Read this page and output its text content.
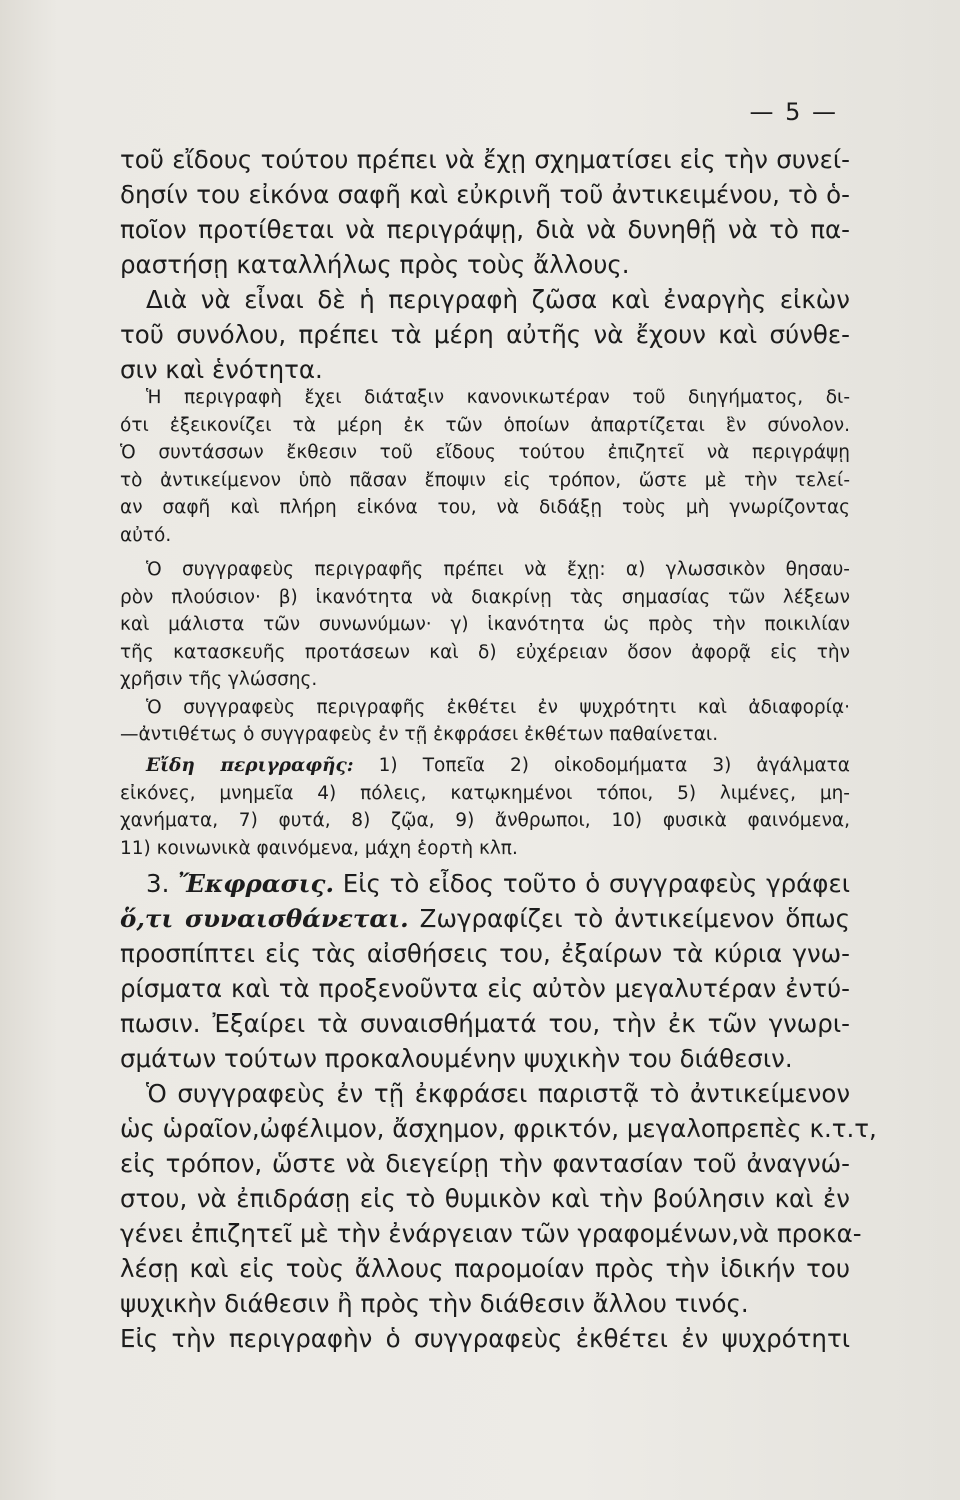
— 5 —
τοῦ εἴδους τούτου πρέπει νὰ ἔχῃ σχηματίσει εἰς τὴν συνεί-
δησίν του εἰκόνα σαφῆ καὶ εὐκρινῆ τοῦ ἀντικειμένου, τὸ ὁ-
ποῖον προτίθεται νὰ περιγράψῃ, διὰ νὰ δυνηθῇ νὰ τὸ πα-
ραστήσῃ καταλλήλως πρὸς τοὺς ἄλλους.
Διὰ νὰ εἶναι δὲ ἡ περιγραφὴ ζῶσα καὶ ἐναργὴς εἰκὼν
τοῦ συνόλου, πρέπει τὰ μέρη αὐτῆς νὰ ἔχουν καὶ σύνθε-
σιν καὶ ἑνότητα.
Ἡ περιγραφὴ ἔχει διάταξιν κανονικωτέραν τοῦ διηγήματος, δι-
ότι ἐξεικονίζει τὰ μέρη ἐκ τῶν ὁποίων ἀπαρτίζεται ἓν σύνολον.
Ὁ συντάσσων ἔκθεσιν τοῦ εἴδους τούτου ἐπιζητεῖ νὰ περιγράψῃ
τὸ ἀντικείμενον ὑπὸ πᾶσαν ἔποψιν εἰς τρόπον, ὥστε μὲ τὴν τελεί-
αν σαφῆ καὶ πλήρη εἰκόνα του, νὰ διδάξῃ τοὺς μὴ γνωρίζοντας
αὐτό.
Ὁ συγγραφεὺς περιγραφῆς πρέπει νὰ ἔχῃ: α) γλωσσικὸν θησαυ-
ρὸν πλούσιον· β) ἱκανότητα νὰ διακρίνῃ τὰς σημασίας τῶν λέξεων
καὶ μάλιστα τῶν συνωνύμων· γ) ἱκανότητα ὡς πρὸς τὴν ποικιλίαν
τῆς κατασκευῆς προτάσεων καὶ δ) εὐχέρειαν ὅσον ἀφορᾷ εἰς τὴν
χρῆσιν τῆς γλώσσης.
Ὁ συγγραφεὺς περιγραφῆς ἐκθέτει ἐν ψυχρότητι καὶ ἀδιαφορίᾳ·
—ἀντιθέτως ὁ συγγραφεὺς ἐν τῇ ἐκφράσει ἐκθέτων παθαίνεται.
Εἴδη περιγραφῆς: 1) Τοπεῖα 2) οἰκοδομήματα 3) ἀγάλματα
εἰκόνες, μνημεῖα 4) πόλεις, κατῳκημένοι τόποι, 5) λιμένες, μη-
χανήματα, 7) φυτά, 8) ζῷα, 9) ἄνθρωποι, 10) φυσικὰ φαινόμενα,
11) κοινωνικὰ φαινόμενα, μάχη ἑορτὴ κλπ.
3. Ἔκφρασις. Εἰς τὸ εἶδος τοῦτο ὁ συγγραφεὺς γράφει
ὅ,τι συναισθάνεται. Ζωγραφίζει τὸ ἀντικείμενον ὅπως
προσπίπτει εἰς τὰς αἰσθήσεις του, ἐξαίρων τὰ κύρια γνω-
ρίσματα καὶ τὰ προξενοῦντα εἰς αὐτὸν μεγαλυτέραν ἐντύ-
πωσιν. Ἐξαίρει τὰ συναισθήματά του, τὴν ἐκ τῶν γνωρι-
σμάτων τούτων προκαλουμένην ψυχικὴν του διάθεσιν.
Ὁ συγγραφεὺς ἐν τῇ ἐκφράσει παριστᾷ τὸ ἀντικείμενον
ὡς ὡραῖον,ὠφέλιμον, ἄσχημον, φρικτόν, μεγαλοπρεπὲς κ.τ.τ,
εἰς τρόπον, ὥστε νὰ διεγείρῃ τὴν φαντασίαν τοῦ ἀναγνώ-
στου, νὰ ἐπιδράσῃ εἰς τὸ θυμικὸν καὶ τὴν βούλησιν καὶ ἐν
γένει ἐπιζητεῖ μὲ τὴν ἐνάργειαν τῶν γραφομένων,νὰ προκα-
λέσῃ καὶ εἰς τοὺς ἄλλους παρομοίαν πρὸς τὴν ἰδικήν του
ψυχικὴν διάθεσιν ἢ πρὸς τὴν διάθεσιν ἄλλου τινός.
Εἰς τὴν περιγραφὴν ὁ συγγραφεὺς ἐκθέτει ἐν ψυχρότητι
